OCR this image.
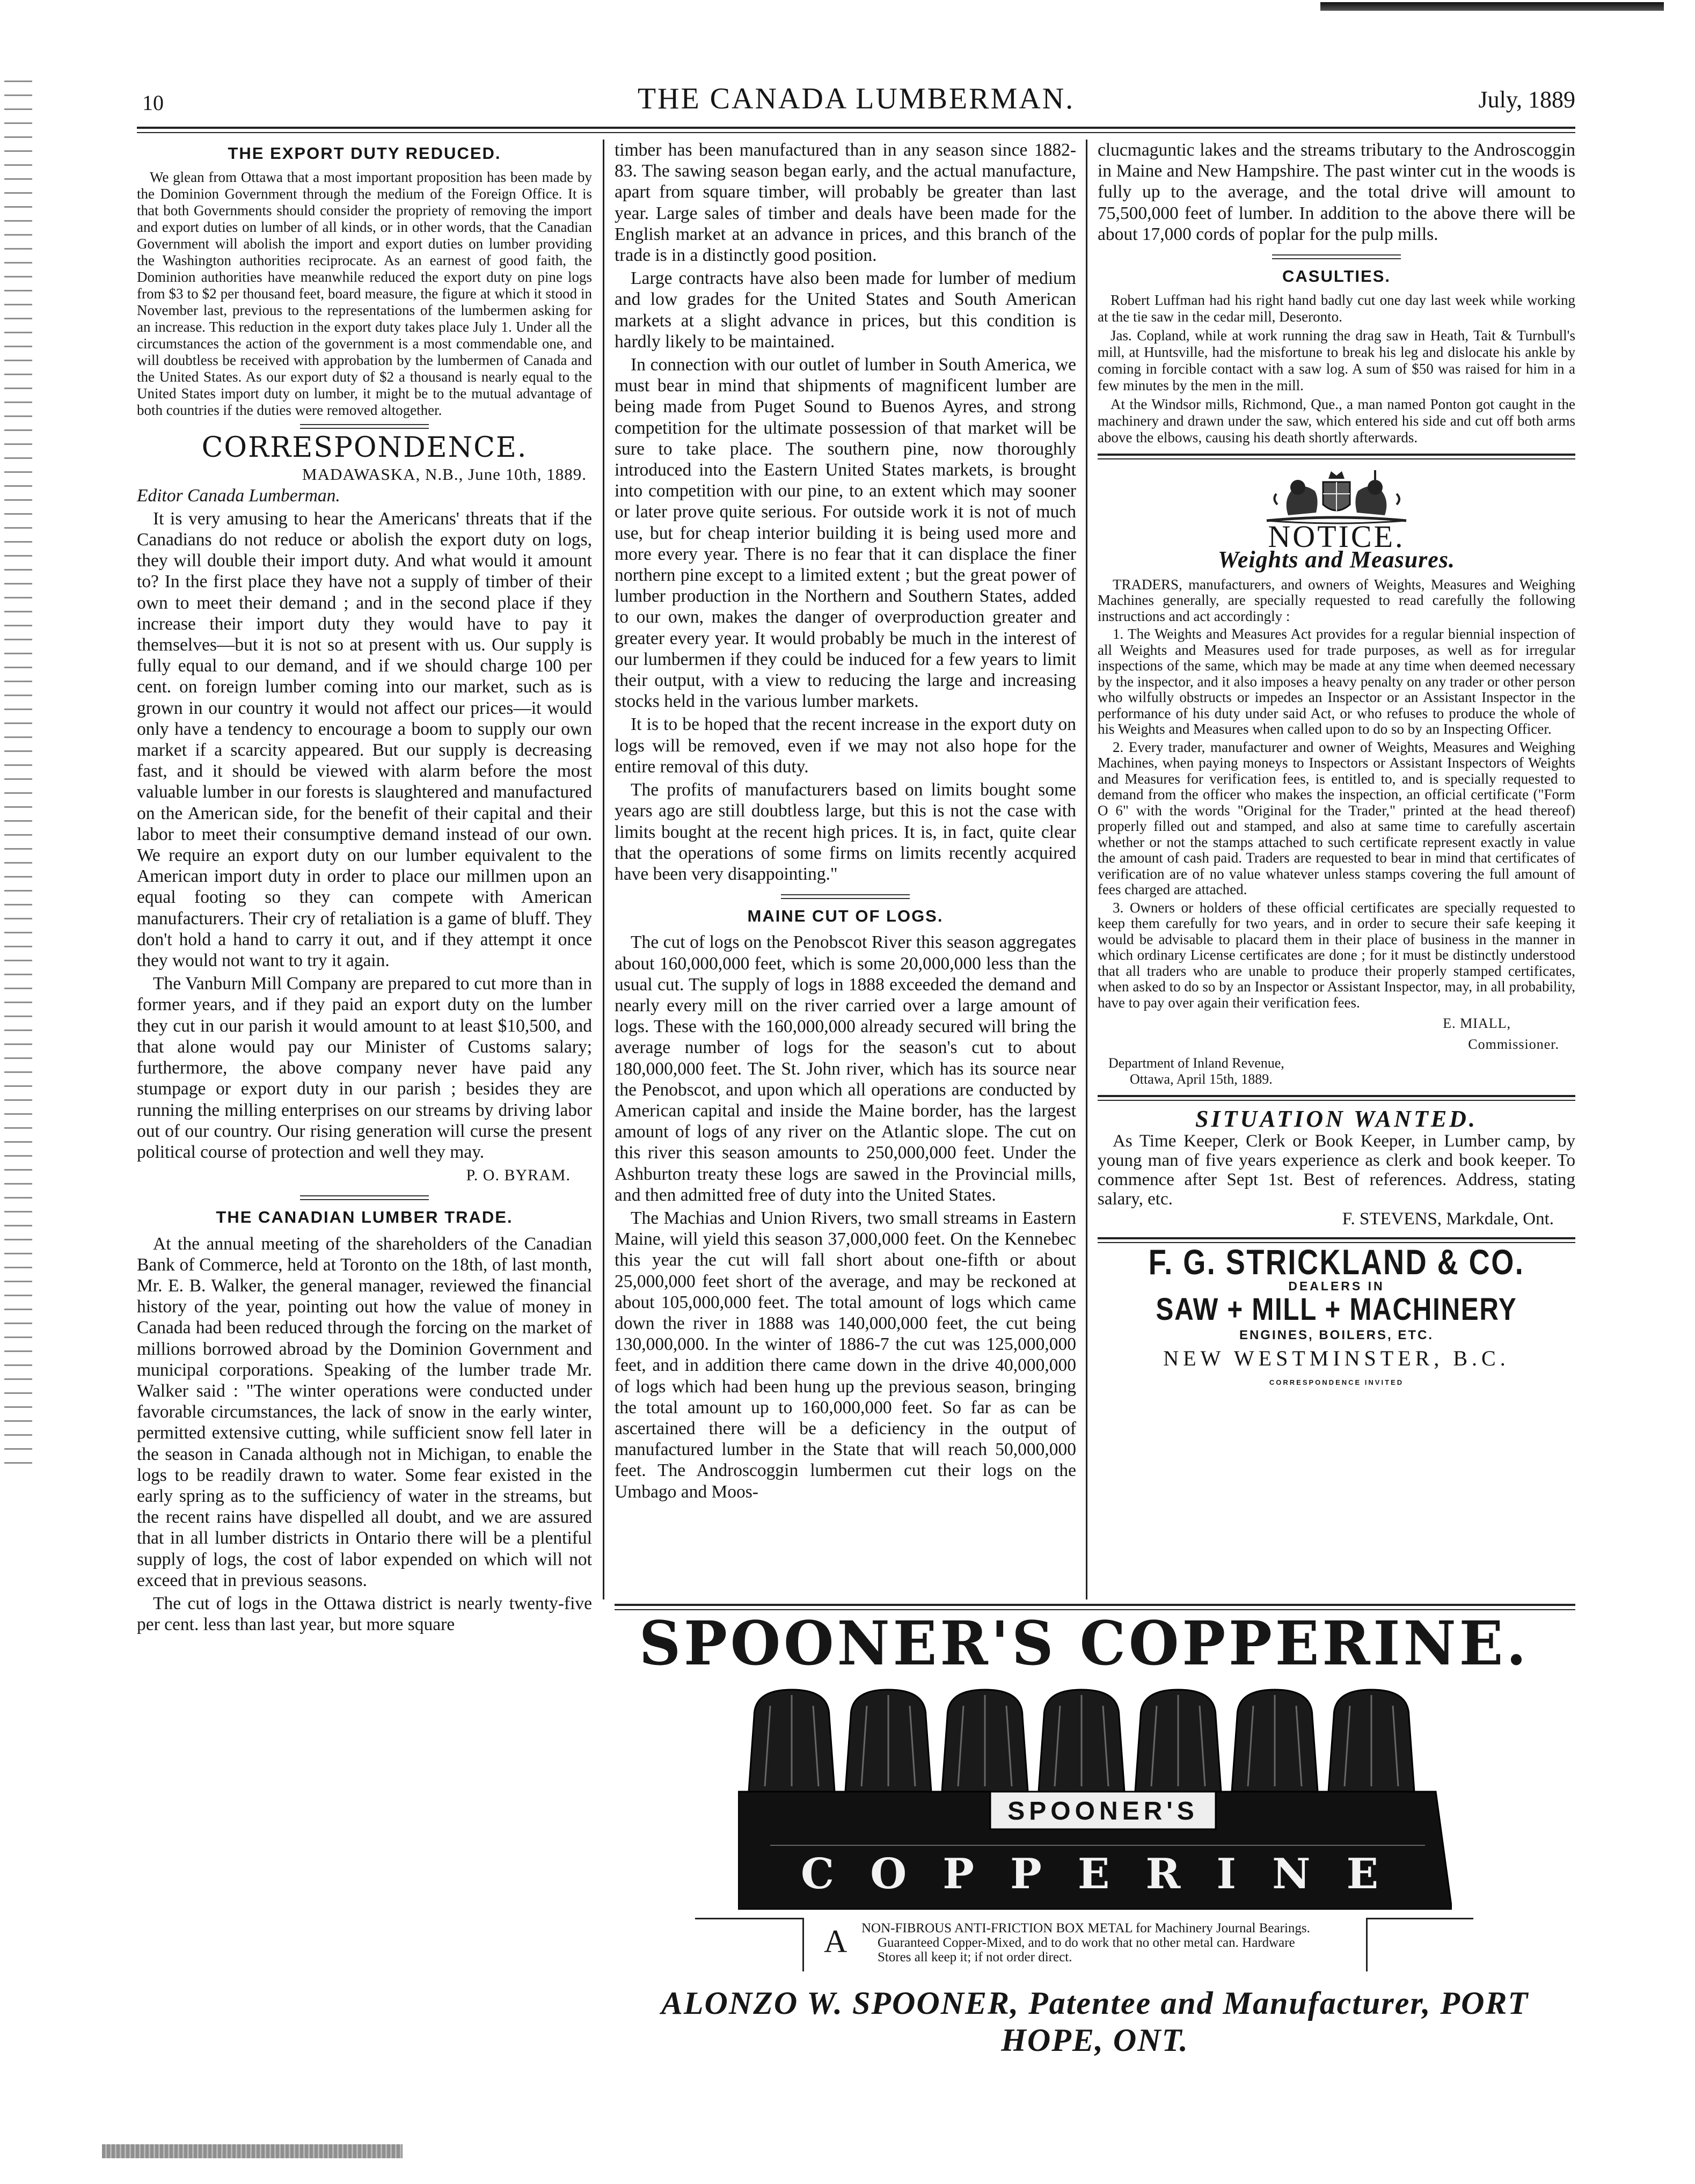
10	THE CANADA LUMBERMAN.	July, 1889
THE EXPORT DUTY REDUCED.

We glean from Ottawa that a most important proposition has been made by the Dominion Government through the medium of the Foreign Office. It is that both Governments should consider the propriety of removing the import and export duties on lumber of all kinds, or in other words, that the Canadian Government will abolish the import and export duties on lumber providing the Washington authorities reciprocate. As an earnest of good faith, the Dominion authorities have meanwhile reduced the export duty on pine logs from $3 to $2 per thousand feet, board measure, the figure at which it stood in November last, previous to the representations of the lumbermen asking for an increase. This reduction in the export duty takes place July 1. Under all the circumstances the action of the government is a most commendable one, and will doubtless be received with approbation by the lumbermen of Canada and the United States. As our export duty of $2 a thousand is nearly equal to the United States import duty on lumber, it might be to the mutual advantage of both countries if the duties were removed altogether.

CORRESPONDENCE.
MADAWASKA, N.B., June 10th, 1889.

Editor Canada Lumberman.

It is very amusing to hear the Americans' threats that if the Canadians do not reduce or abolish the export duty on logs, they will double their import duty. And what would it amount to? In the first place they have not a supply of timber of their own to meet their demand ; and in the second place if they increase their import duty they would have to pay it themselves—but it is not so at present with us. Our supply is fully equal to our demand, and if we should charge 100 per cent. on foreign lumber coming into our market, such as is grown in our country it would not affect our prices—it would only have a tendency to encourage a boom to supply our own market if a scarcity appeared. But our supply is decreasing fast, and it should be viewed with alarm before the most valuable lumber in our forests is slaughtered and manufactured on the American side, for the benefit of their capital and their labor to meet their consumptive demand instead of our own. We require an export duty on our lumber equivalent to the American import duty in order to place our millmen upon an equal footing so they can compete with American manufacturers. Their cry of retaliation is a game of bluff. They don't hold a hand to carry it out, and if they attempt it once they would not want to try it again.

The Vanburn Mill Company are prepared to cut more than in former years, and if they paid an export duty on the lumber they cut in our parish it would amount to at least $10,500, and that alone would pay our Minister of Customs salary; furthermore, the above company never have paid any stumpage or export duty in our parish ; besides they are running the milling enterprises on our streams by driving labor out of our country. Our rising generation will curse the present political course of protection and well they may.

P. O. BYRAM.
THE CANADIAN LUMBER TRADE.

At the annual meeting of the shareholders of the Canadian Bank of Commerce, held at Toronto on the 18th, of last month, Mr. E. B. Walker, the general manager, reviewed the financial history of the year, pointing out how the value of money in Canada had been reduced through the forcing on the market of millions borrowed abroad by the Dominion Government and municipal corporations. Speaking of the lumber trade Mr. Walker said : "The winter operations were conducted under favorable circumstances, the lack of snow in the early winter, permitted extensive cutting, while sufficient snow fell later in the season in Canada although not in Michigan, to enable the logs to be readily drawn to water. Some fear existed in the early spring as to the sufficiency of water in the streams, but the recent rains have dispelled all doubt, and we are assured that in all lumber districts in Ontario there will be a plentiful supply of logs, the cost of labor expended on which will not exceed that in previous seasons.

The cut of logs in the Ottawa district is nearly twenty-five per cent. less than last year, but more square

timber has been manufactured than in any season since 1882-83. The sawing season began early, and the actual manufacture, apart from square timber, will probably be greater than last year. Large sales of timber and deals have been made for the English market at an advance in prices, and this branch of the trade is in a distinctly good position.

Large contracts have also been made for lumber of medium and low grades for the United States and South American markets at a slight advance in prices, but this condition is hardly likely to be maintained.

In connection with our outlet of lumber in South America, we must bear in mind that shipments of magnificent lumber are being made from Puget Sound to Buenos Ayres, and strong competition for the ultimate possession of that market will be sure to take place. The southern pine, now thoroughly introduced into the Eastern United States markets, is brought into competition with our pine, to an extent which may sooner or later prove quite serious. For outside work it is not of much use, but for cheap interior building it is being used more and more every year. There is no fear that it can displace the finer northern pine except to a limited extent ; but the great power of lumber production in the Northern and Southern States, added to our own, makes the danger of overproduction greater and greater every year. It would probably be much in the interest of our lumbermen if they could be induced for a few years to limit their output, with a view to reducing the large and increasing stocks held in the various lumber markets.

It is to be hoped that the recent increase in the export duty on logs will be removed, even if we may not also hope for the entire removal of this duty.

The profits of manufacturers based on limits bought some years ago are still doubtless large, but this is not the case with limits bought at the recent high prices. It is, in fact, quite clear that the operations of some firms on limits recently acquired have been very disappointing."

MAINE CUT OF LOGS.

The cut of logs on the Penobscot River this season aggregates about 160,000,000 feet, which is some 20,000,000 less than the usual cut. The supply of logs in 1888 exceeded the demand and nearly every mill on the river carried over a large amount of logs. These with the 160,000,000 already secured will bring the average number of logs for the season's cut to about 180,000,000 feet. The St. John river, which has its source near the Penobscot, and upon which all operations are conducted by American capital and inside the Maine border, has the largest amount of logs of any river on the Atlantic slope. The cut on this river this season amounts to 250,000,000 feet. Under the Ashburton treaty these logs are sawed in the Provincial mills, and then admitted free of duty into the United States.

The Machias and Union Rivers, two small streams in Eastern Maine, will yield this season 37,000,000 feet. On the Kennebec this year the cut will fall short about one-fifth or about 25,000,000 feet short of the average, and may be reckoned at about 105,000,000 feet. The total amount of logs which came down the river in 1888 was 140,000,000 feet, the cut being 130,000,000. In the winter of 1886-7 the cut was 125,000,000 feet, and in addition there came down in the drive 40,000,000 of logs which had been hung up the previous season, bringing the total amount up to 160,000,000 feet. So far as can be ascertained there will be a deficiency in the output of manufactured lumber in the State that will reach 50,000,000 feet. The Androscoggin lumbermen cut their logs on the Umbago and Moos-

clucmaguntic lakes and the streams tributary to the Androscoggin in Maine and New Hampshire. The past winter cut in the woods is fully up to the average, and the total drive will amount to 75,500,000 feet of lumber. In addition to the above there will be about 17,000 cords of poplar for the pulp mills.

CASULTIES.

Robert Luffman had his right hand badly cut one day last week while working at the tie saw in the cedar mill, Deseronto.

Jas. Copland, while at work running the drag saw in Heath, Tait & Turnbull's mill, at Huntsville, had the misfortune to break his leg and dislocate his ankle by coming in forcible contact with a saw log. A sum of $50 was raised for him in a few minutes by the men in the mill.

At the Windsor mills, Richmond, Que., a man named Ponton got caught in the machinery and drawn under the saw, which entered his side and cut off both arms above the elbows, causing his death shortly afterwards.

NOTICE.
Weights and Measures.

TRADERS, manufacturers, and owners of Weights, Measures and Weighing Machines generally, are specially requested to read carefully the following instructions and act accordingly :

1. The Weights and Measures Act provides for a regular biennial inspection of all Weights and Measures used for trade purposes, as well as for irregular inspections of the same, which may be made at any time when deemed necessary by the inspector, and it also imposes a heavy penalty on any trader or other person who wilfully obstructs or impedes an Inspector or an Assistant Inspector in the performance of his duty under said Act, or who refuses to produce the whole of his Weights and Measures when called upon to do so by an Inspecting Officer.

2. Every trader, manufacturer and owner of Weights, Measures and Weighing Machines, when paying moneys to Inspectors or Assistant Inspectors of Weights and Measures for verification fees, is entitled to, and is specially requested to demand from the officer who makes the inspection, an official certificate ("Form O 6" with the words "Original for the Trader," printed at the head thereof) properly filled out and stamped, and also at same time to carefully ascertain whether or not the stamps attached to such certificate represent exactly in value the amount of cash paid. Traders are requested to bear in mind that certificates of verification are of no value whatever unless stamps covering the full amount of fees charged are attached.

3. Owners or holders of these official certificates are specially requested to keep them carefully for two years, and in order to secure their safe keeping it would be advisable to placard them in their place of business in the manner in which ordinary License certificates are done ; for it must be distinctly understood that all traders who are unable to produce their properly stamped certificates, when asked to do so by an Inspector or Assistant Inspector, may, in all probability, have to pay over again their verification fees.

E. MIALL,
Commissioner.
Department of Inland Revenue,
Ottawa, April 15th, 1889.
SITUATION WANTED.
As Time Keeper, Clerk or Book Keeper, in Lumber camp, by young man of five years experience as clerk and book keeper. To commence after Sept 1st. Best of references. Address, stating salary, etc.
F. STEVENS, Markdale, Ont.
F. G. STRICKLAND & CO.
DEALERS IN
SAW + MILL + MACHINERY
ENGINES, BOILERS, ETC.
NEW WESTMINSTER, B.C.
CORRESPONDENCE INVITED
SPOONER'S COPPERINE.
SPOONER'S
C O P P E R I N E
A NON-FIBROUS ANTI-FRICTION BOX METAL for Machinery Journal Bearings.
Guaranteed Copper-Mixed, and to do work that no other metal can. Hardware
Stores all keep it; if not order direct.
ALONZO W. SPOONER, Patentee and Manufacturer, PORT HOPE, ONT.
